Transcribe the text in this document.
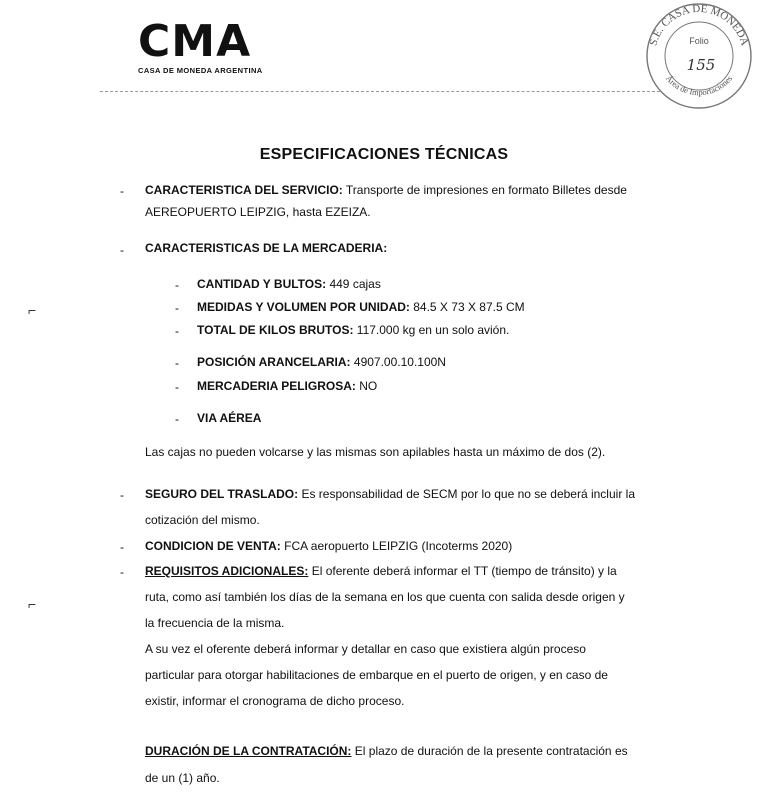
CMA
CASA DE MONEDA ARGENTINA
S.E. CASA DE MONEDA
Área de Importaciones
Folio
155
ESPECIFICACIONES TÉCNICAS
- CARACTERISTICA DEL SERVICIO: Transporte de impresiones en formato Billetes desde
AEREOPUERTO LEIPZIG, hasta EZEIZA.
- CARACTERISTICAS DE LA MERCADERIA:
- CANTIDAD Y BULTOS: 449 cajas
- MEDIDAS Y VOLUMEN POR UNIDAD: 84.5 X 73 X 87.5 CM
- TOTAL DE KILOS BRUTOS: 117.000 kg en un solo avión.
- POSICIÓN ARANCELARIA: 4907.00.10.100N
- MERCADERIA PELIGROSA: NO
- VIA AÉREA
Las cajas no pueden volcarse y las mismas son apilables hasta un máximo de dos (2).
⌐
⌐
- SEGURO DEL TRASLADO: Es responsabilidad de SECM por lo que no se deberá incluir la
cotización del mismo.
- CONDICION DE VENTA: FCA aeropuerto LEIPZIG (Incoterms 2020)
- REQUISITOS ADICIONALES: El oferente deberá informar el TT (tiempo de tránsito) y la
ruta, como así también los días de la semana en los que cuenta con salida desde origen y
la frecuencia de la misma.
A su vez el oferente deberá informar y detallar en caso que existiera algún proceso
particular para otorgar habilitaciones de embarque en el puerto de origen, y en caso de
existir, informar el cronograma de dicho proceso.
DURACIÓN DE LA CONTRATACIÓN: El plazo de duración de la presente contratación es
de un (1) año.
